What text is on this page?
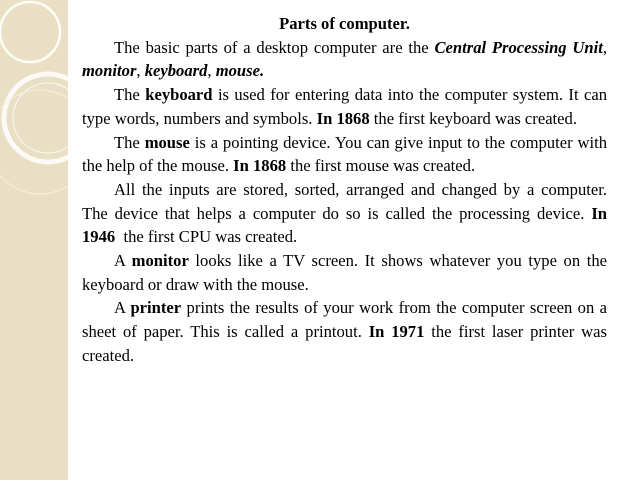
Parts of computer.

The basic parts of a desktop computer are the Central Processing Unit, monitor, keyboard, mouse.

The keyboard is used for entering data into the computer system. It can type words, numbers and symbols. In 1868 the first keyboard was created.

The mouse is a pointing device. You can give input to the computer with the help of the mouse. In 1868 the first mouse was created.

All the inputs are stored, sorted, arranged and changed by a computer. The device that helps a computer do so is called the processing device. In 1946  the first CPU was created.

A monitor looks like a TV screen. It shows whatever you type on the keyboard or draw with the mouse.

A printer prints the results of your work from the computer screen on a sheet of paper. This is called a printout. In 1971 the first laser printer was created.
